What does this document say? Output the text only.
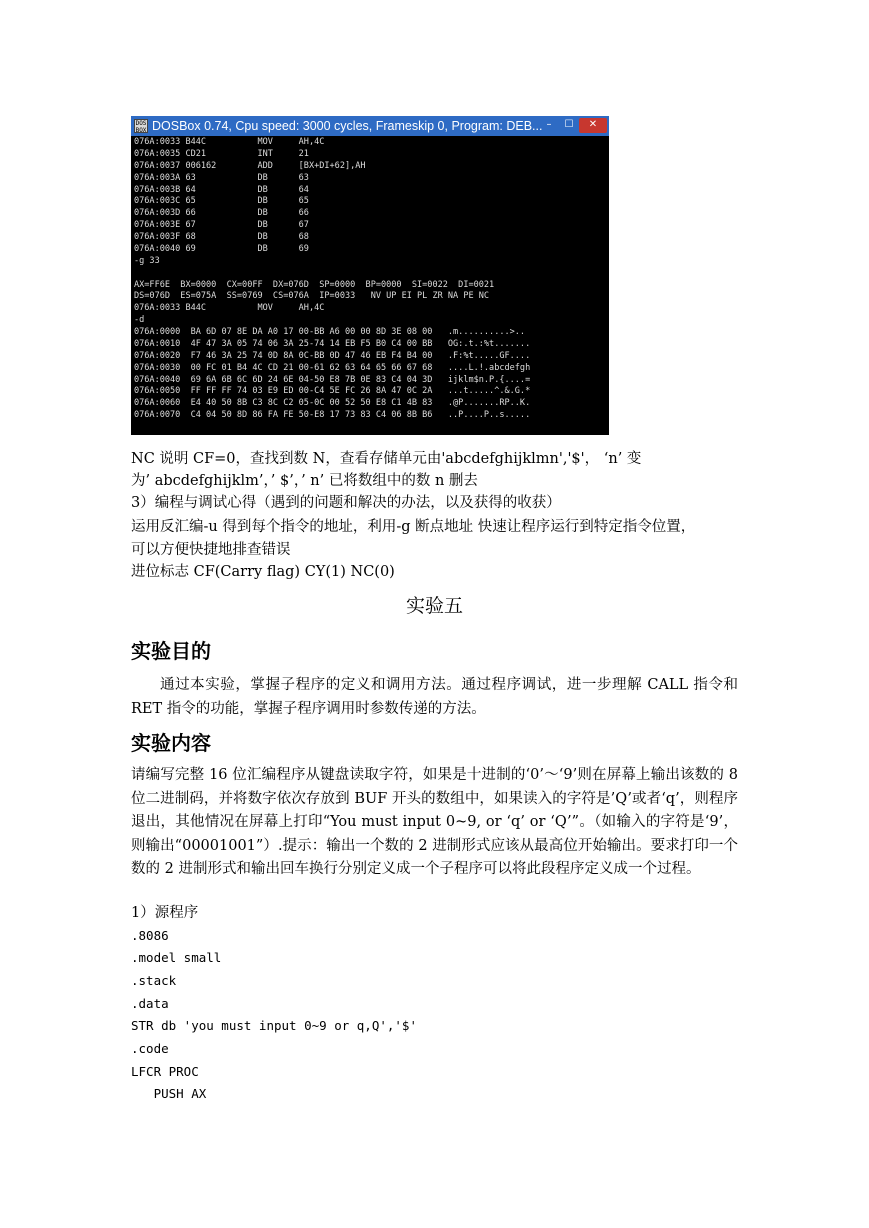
DOS BOX DOSBox 0.74, Cpu speed: 3000 cycles, Frameskip 0, Program: DEB... –	☐	✕
076A:0033 B44C          MOV     AH,4C
076A:0035 CD21          INT     21
076A:0037 006162        ADD     [BX+DI+62],AH
076A:003A 63            DB      63
076A:003B 64            DB      64
076A:003C 65            DB      65
076A:003D 66            DB      66
076A:003E 67            DB      67
076A:003F 68            DB      68
076A:0040 69            DB      69
-g 33

AX=FF6E  BX=0000  CX=00FF  DX=076D  SP=0000  BP=0000  SI=0022  DI=0021
DS=076D  ES=075A  SS=0769  CS=076A  IP=0033   NV UP EI PL ZR NA PE NC
076A:0033 B44C          MOV     AH,4C
-d
076A:0000  BA 6D 07 8E DA A0 17 00-BB A6 00 00 8D 3E 08 00   .m..........>..
076A:0010  4F 47 3A 05 74 06 3A 25-74 14 EB F5 B0 C4 00 BB   OG:.t.:%t.......
076A:0020  F7 46 3A 25 74 0D 8A 0C-BB 0D 47 46 EB F4 B4 00   .F:%t.....GF....
076A:0030  00 FC 01 B4 4C CD 21 00-61 62 63 64 65 66 67 68   ....L.!.abcdefgh
076A:0040  69 6A 6B 6C 6D 24 6E 04-50 E8 7B 0E 83 C4 04 3D   ijklm$n.P.{....=
076A:0050  FF FF FF 74 03 E9 ED 00-C4 5E FC 26 8A 47 0C 2A   ...t.....^.&.G.*
076A:0060  E4 40 50 8B C3 8C C2 05-0C 00 52 50 E8 C1 4B 83   .@P.......RP..K.
076A:0070  C4 04 50 8D 86 FA FE 50-E8 17 73 83 C4 06 8B B6   ..P....P..s.....
NC 说明 CF=0，查找到数 N，查看存储单元由'abcdefghijklmn','$'， ‘n’ 变
为’ abcdefghijklm’，’ $’，’ n’ 已将数组中的数 n 删去
3）编程与调试心得（遇到的问题和解决的办法，以及获得的收获）
运用反汇编-u 得到每个指令的地址，利用-g 断点地址 快速让程序运行到特定指令位置，
可以方便快捷地排查错误
进位标志 CF(Carry flag) CY(1) NC(0)
实验五
实验目的
通过本实验，掌握子程序的定义和调用方法。通过程序调试，进一步理解 CALL 指令和 RET 指令的功能，掌握子程序调用时参数传递的方法。
实验内容
请编写完整 16 位汇编程序从键盘读取字符，如果是十进制的‘0’～‘9’则在屏幕上输出该数的 8 位二进制码，并将数字依次存放到 BUF 开头的数组中，如果读入的字符是’Q’或者‘q’，则程序退出，其他情况在屏幕上打印“You must input 0~9, or ‘q’ or ‘Q’”。（如输入的字符是‘9’，则输出“00001001”）.提示：输出一个数的 2 进制形式应该从最高位开始输出。要求打印一个数的 2 进制形式和输出回车换行分别定义成一个子程序可以将此段程序定义成一个过程。
1）源程序
.8086
.model small
.stack
.data
STR db 'you must input 0~9 or q,Q','$'
.code
LFCR PROC
PUSH AX
